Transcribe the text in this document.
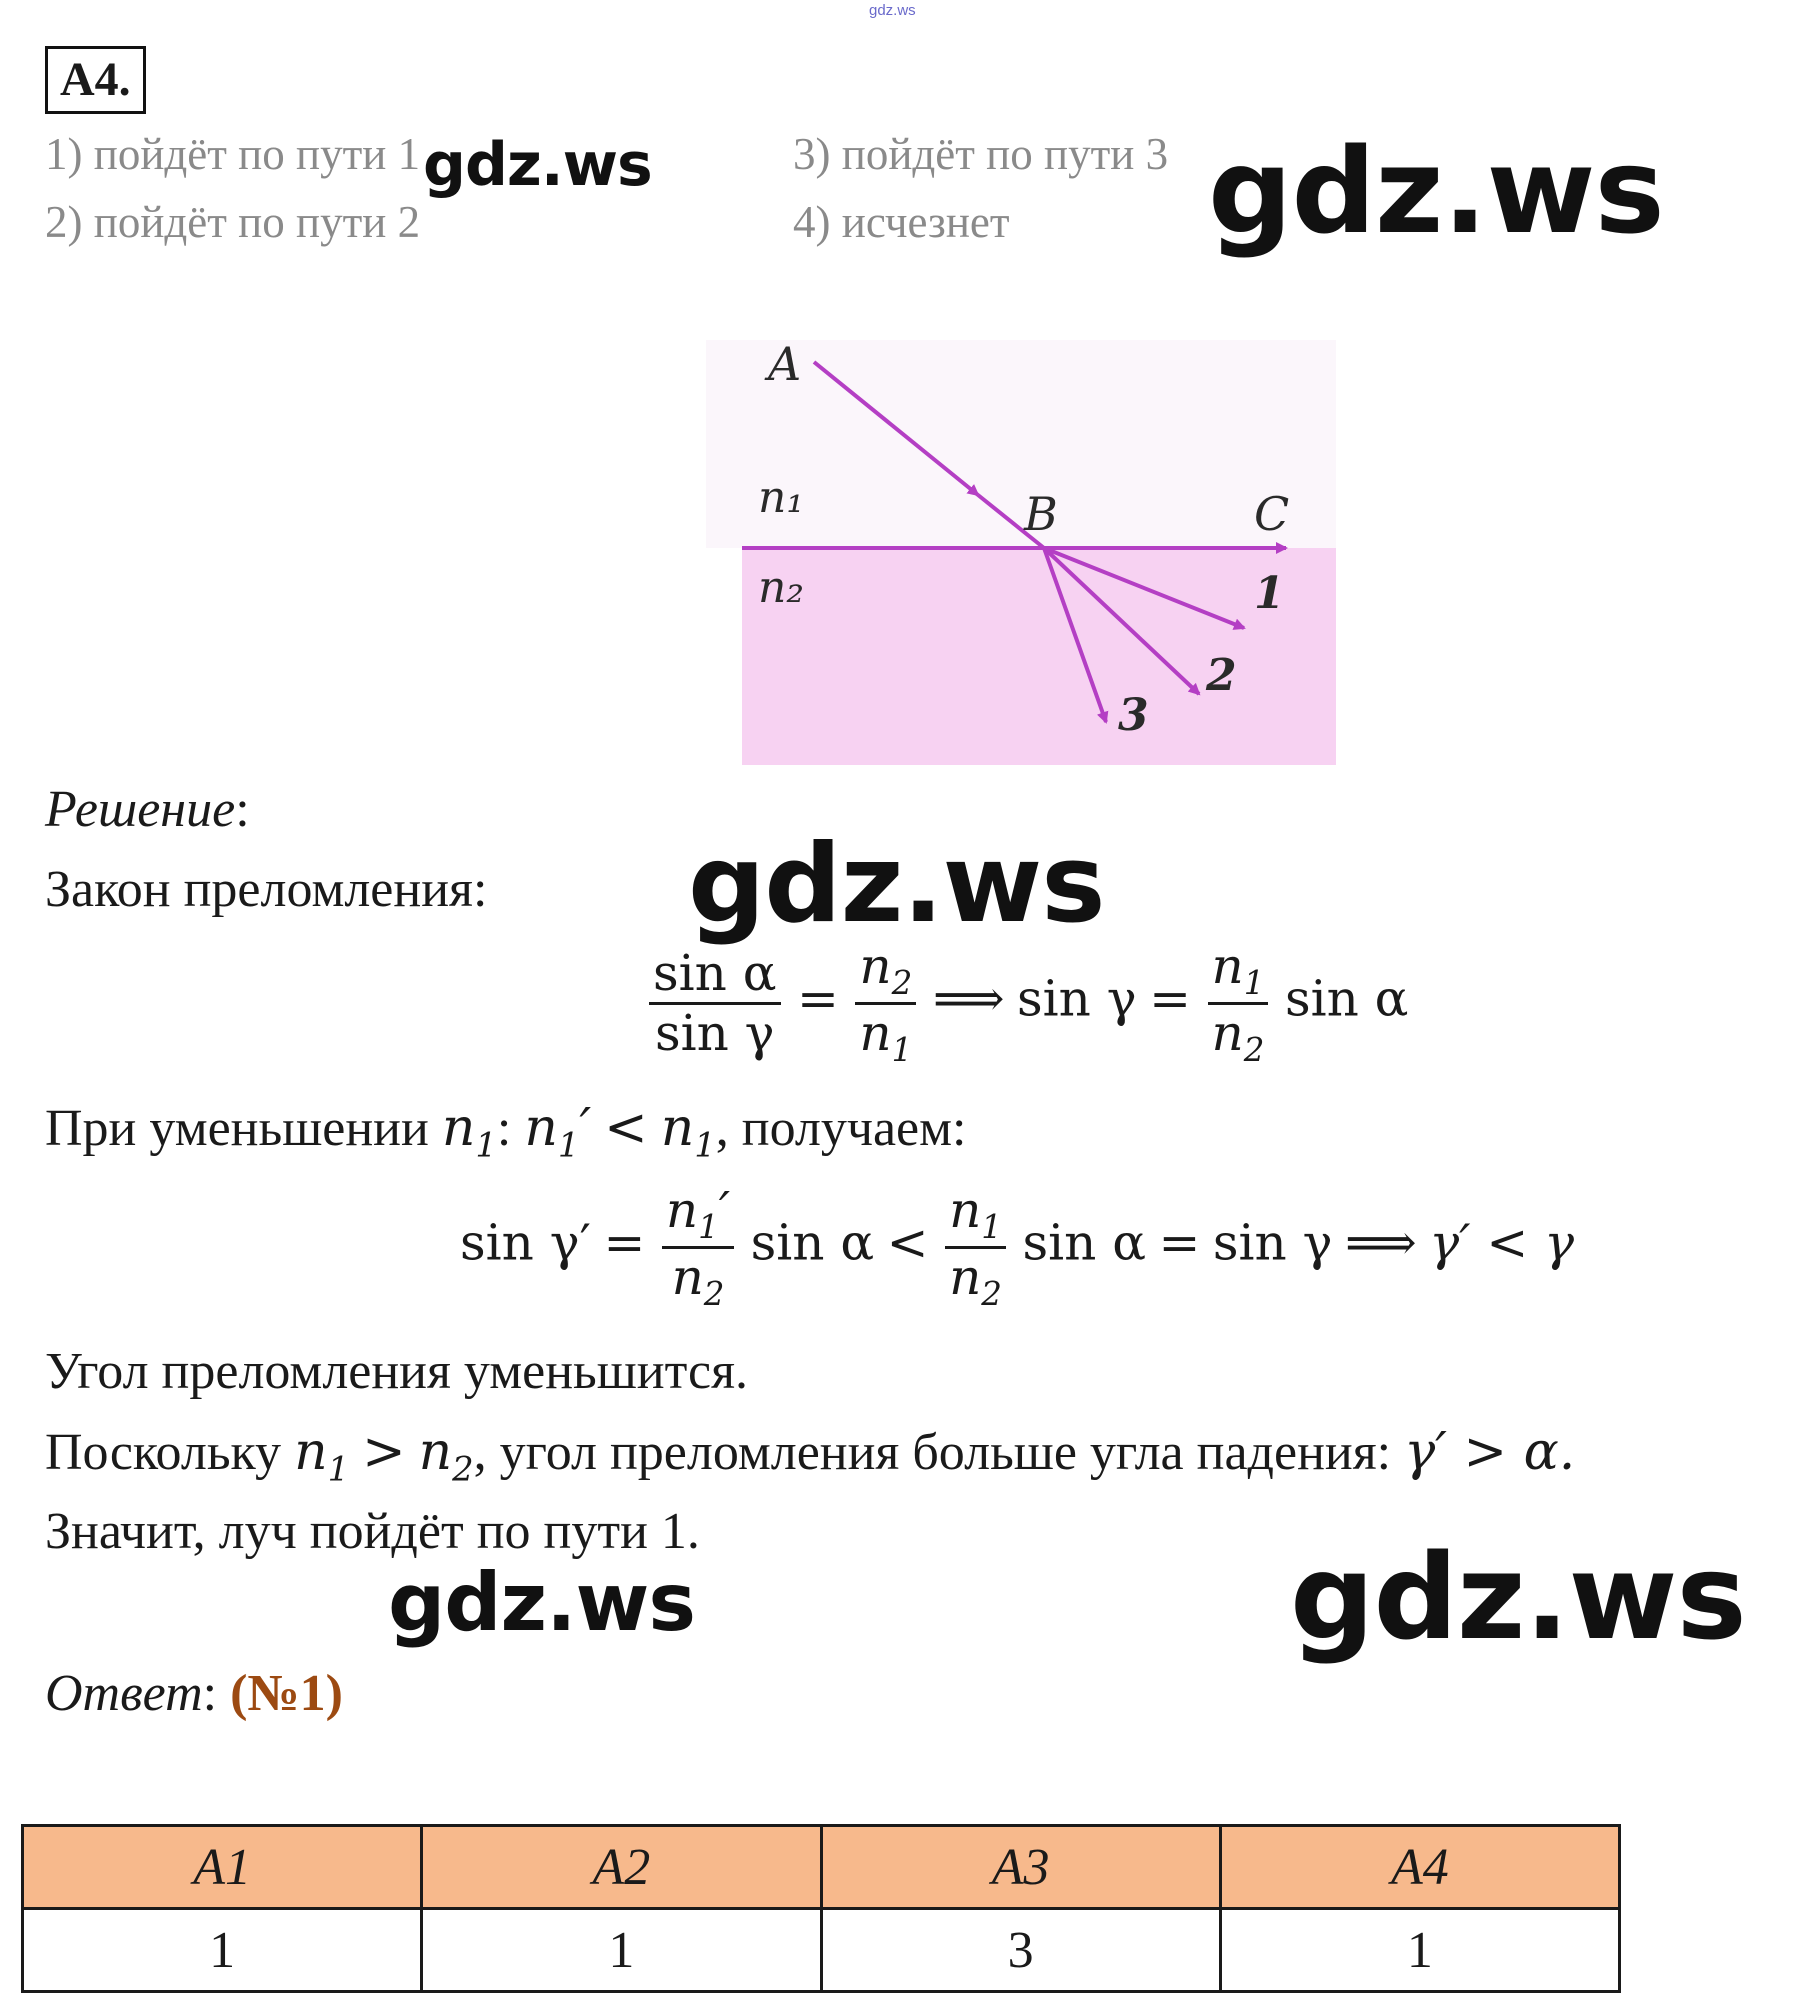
gdz.ws
А4.
1) пойдёт по пути 1
2) пойдёт по пути 2
3) пойдёт по пути 3
4) исчезнет
gdz.ws	gdz.ws
gdz.ws
gdz.ws	gdz.ws
A
B	C
n₁
n₂	1
2
3
Решение:
Закон преломления:
$\frac{\text{sin α}}{\text{sin γ}} = \frac{n_2}{n_1}$ ⟹ $\sin \gamma = \frac{n_1}{n_2}$ sin α
При уменьшении $n_1$: $n_1' < n_1$, получаем:
$\sin \gamma' = \frac{n_1'}{n_2}$ $\sin \alpha < \frac{n_1}{n_2}$ sin α = sin γ ⟹ γ′ < γ
Угол преломления уменьшится.
Поскольку $n_1 > n_2$, угол преломления больше угла падения: γ′ > α.
Значит, луч пойдёт по пути 1.
Ответ: (№1)
A1	A2	A3	A4
1	1	3	1
